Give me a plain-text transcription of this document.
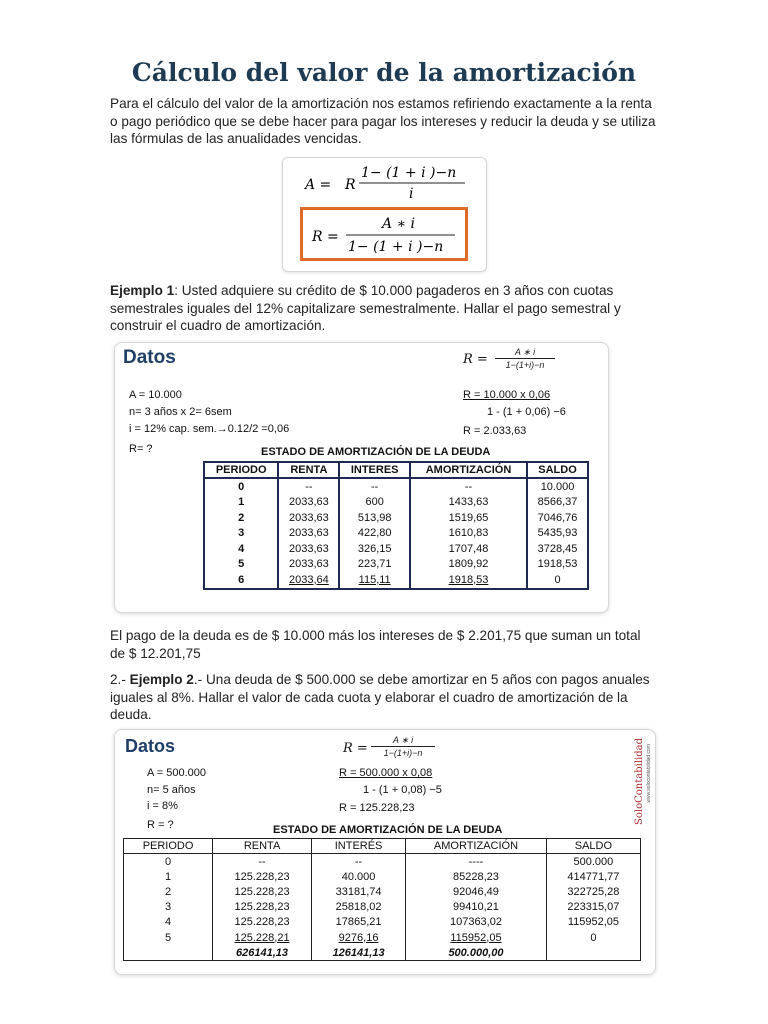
Cálculo del valor de la amortización

Para el cálculo del valor de la amortización nos estamos refiriendo exactamente a la renta o pago periódico que se debe hacer para pagar los intereses y reducir la deuda y se utiliza las fórmulas de las anualidades vencidas.

A = R
1− (1 + i )−n
i
R =
A ∗ i
1− (1 + i )−n

Ejemplo 1: Usted adquiere su crédito de $ 10.000 pagaderos en 3 años con cuotas semestrales iguales del 12% capitalizare semestralmente. Hallar el pago semestral y construir el cuadro de amortización.

Datos
A = 10.000
n= 3 años x 2= 6sem
i = 12% cap. sem.→0.12/2 =0,06
R= ?
R =	A ∗ i
1−(1+i)−n
R = 10.000 x 0,06
1 - (1 + 0,06) −6
R = 2.033,63
ESTADO DE AMORTIZACIÓN DE LA DEUDA
PERIODO	RENTA	INTERES	AMORTIZACIÓN	SALDO
0	--	--	--	10.000
1	2033,63	600	1433,63	8566,37
2	2033,63	513,98	1519,65	7046,76
3	2033,63	422,80	1610,83	5435,93
4	2033,63	326,15	1707,48	3728,45
5	2033,63	223,71	1809,92	1918,53
6	2033,64	115,11	1918,53	0

El pago de la deuda es de $ 10.000 más los intereses de $ 2.201,75 que suman un total de $ 12.201,75

2.- Ejemplo 2.- Una deuda de $ 500.000 se debe amortizar en 5 años con pagos anuales iguales al 8%. Hallar el valor de cada cuota y elaborar el cuadro de amortización de la deuda.

Datos
A = 500.000
n= 5 años
i = 8%
R = ?
R =
A ∗ i
1−(1+i)−n
R = 500.000 x 0,08
1 - (1 + 0,08) −5
R = 125.228,23	SoloContabilidad www.solocontabilidad.com
ESTADO DE AMORTIZACIÓN DE LA DEUDA
PERIODO	RENTA	INTERÉS	AMORTIZACIÓN	SALDO
0	--	--	----	500.000
1	125.228,23	40.000	85228,23	414771,77
2	125.228,23	33181,74	92046,49	322725,28
3	125.228,23	25818,02	99410,21	223315,07
4	125.228,23	17865,21	107363,02	115952,05
5	125.228,21	9276,16	115952,05	0
	626141,13	126141,13	500.000,00	
